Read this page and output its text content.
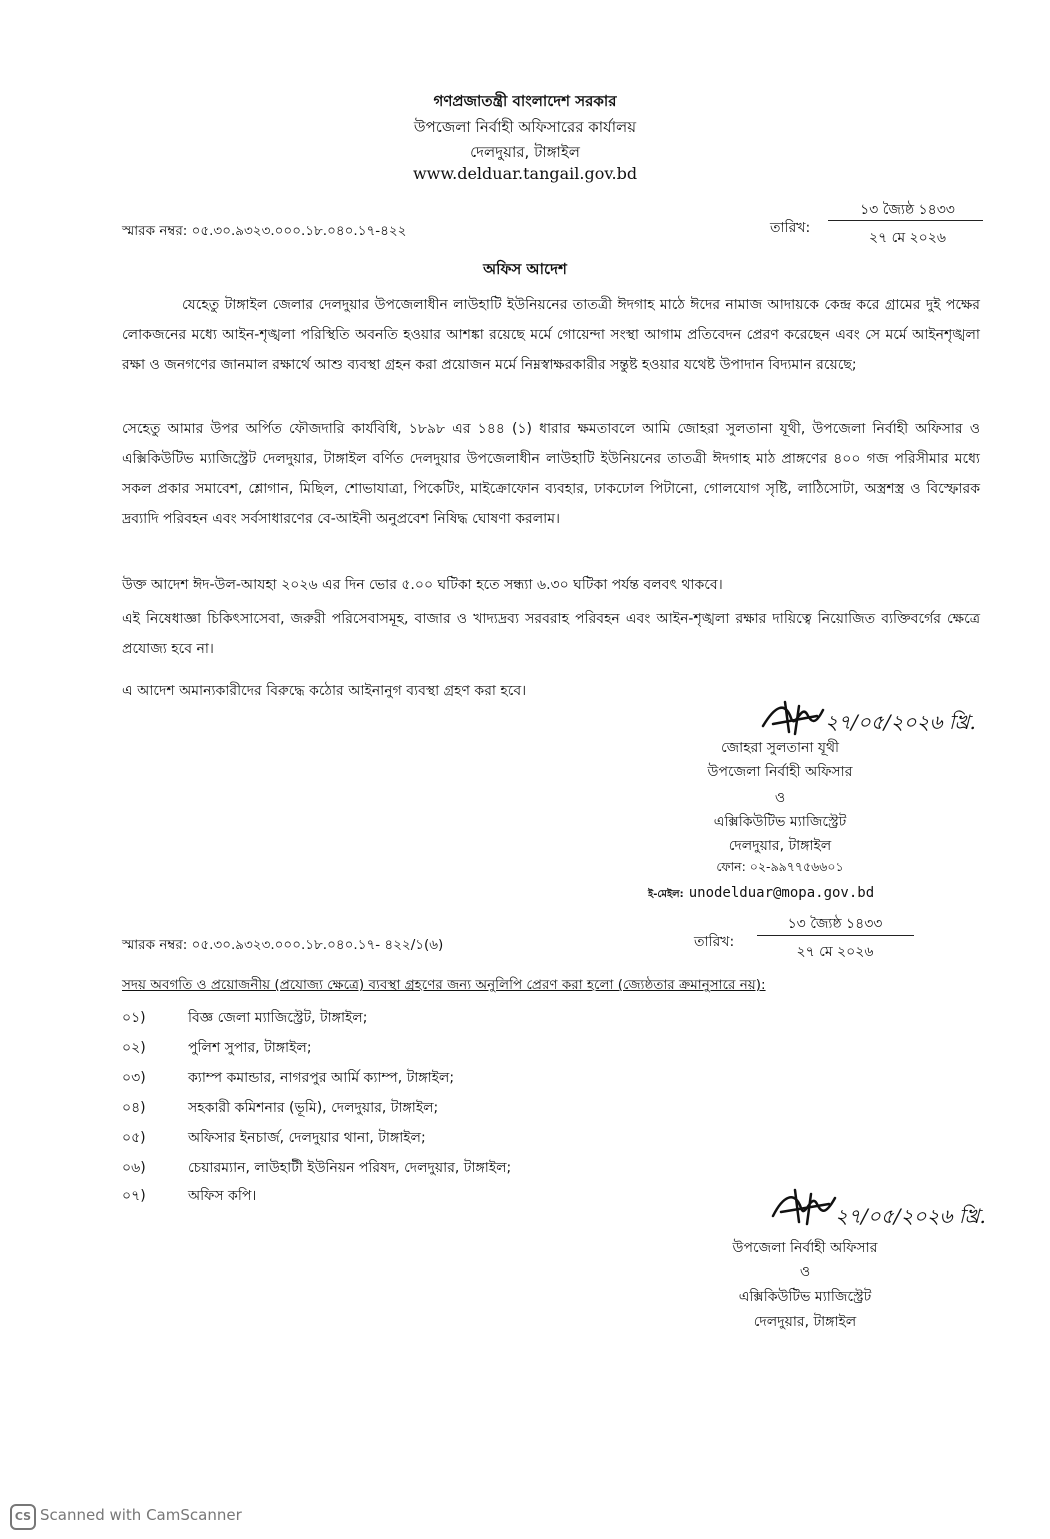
গণপ্রজাতন্ত্রী বাংলাদেশ সরকার
উপজেলা নির্বাহী অফিসারের কার্যালয়
দেলদুয়ার, টাঙ্গাইল
www.delduar.tangail.gov.bd
স্মারক নম্বর: ০৫.৩০.৯৩২৩.০০০.১৮.০৪০.১৭-৪২২	তারিখ:
১৩ জ্যৈষ্ঠ ১৪৩৩
২৭ মে ২০২৬
অফিস আদেশ
যেহেতু টাঙ্গাইল জেলার দেলদুয়ার উপজেলাধীন লাউহাটি ইউনিয়নের তাতত্রী ঈদগাহ মাঠে ঈদের নামাজ আদায়কে কেন্দ্র করে গ্রামের দুই পক্ষের লোকজনের মধ্যে আইন-শৃঙ্খলা পরিস্থিতি অবনতি হওয়ার আশঙ্কা রয়েছে মর্মে গোয়েন্দা সংস্থা আগাম প্রতিবেদন প্রেরণ করেছেন এবং সে মর্মে আইনশৃঙ্খলা রক্ষা ও জনগণের জানমাল রক্ষার্থে আশু ব্যবস্থা গ্রহন করা প্রয়োজন মর্মে নিম্নস্বাক্ষরকারীর সন্তুষ্ট হওয়ার যথেষ্ট উপাদান বিদ্যমান রয়েছে;
সেহেতু আমার উপর অর্পিত ফৌজদারি কার্যবিধি, ১৮৯৮ এর ১৪৪ (১) ধারার ক্ষমতাবলে আমি জোহরা সুলতানা যূথী, উপজেলা নির্বাহী অফিসার ও এক্সিকিউটিভ ম্যাজিস্ট্রেট দেলদুয়ার, টাঙ্গাইল বর্ণিত দেলদুয়ার উপজেলাধীন লাউহাটি ইউনিয়নের তাতত্রী ঈদগাহ মাঠ প্রাঙ্গণের ৪০০ গজ পরিসীমার মধ্যে সকল প্রকার সমাবেশ, শ্লোগান, মিছিল, শোভাযাত্রা, পিকেটিং, মাইক্রোফোন ব্যবহার, ঢাকঢোল পিটানো, গোলযোগ সৃষ্টি, লাঠিসোটা, অস্ত্রশস্ত্র ও বিস্ফোরক দ্রব্যাদি পরিবহন এবং সর্বসাধারণের বে-আইনী অনুপ্রবেশ নিষিদ্ধ ঘোষণা করলাম।
উক্ত আদেশ ঈদ-উল-আযহা ২০২৬ এর দিন ভোর ৫.০০ ঘটিকা হতে সন্ধ্যা ৬.৩০ ঘটিকা পর্যন্ত বলবৎ থাকবে।
এই নিষেধাজ্ঞা চিকিৎসাসেবা, জরুরী পরিসেবাসমূহ, বাজার ও খাদ্যদ্রব্য সরবরাহ পরিবহন এবং আইন-শৃঙ্খলা রক্ষার দায়িত্বে নিয়োজিত ব্যক্তিবর্গের ক্ষেত্রে প্রযোজ্য হবে না।
এ আদেশ অমান্যকারীদের বিরুদ্ধে কঠোর আইনানুগ ব্যবস্থা গ্রহণ করা হবে।
২৭/০৫/২০২৬ খ্রি.
জোহরা সুলতানা যূথী
উপজেলা নির্বাহী অফিসার
ও
এক্সিকিউটিভ ম্যাজিস্ট্রেট
দেলদুয়ার, টাঙ্গাইল
ফোন: ০২-৯৯৭৭৫৬৬০১
ই-মেইল: unodelduar@mopa.gov.bd
স্মারক নম্বর: ০৫.৩০.৯৩২৩.০০০.১৮.০৪০.১৭- ৪২২/১(৬)	তারিখ:
১৩ জ্যৈষ্ঠ ১৪৩৩
২৭ মে ২০২৬
সদয় অবগতি ও প্রয়োজনীয় (প্রযোজ্য ক্ষেত্রে) ব্যবস্থা গ্রহণের জন্য অনুলিপি প্রেরণ করা হলো (জ্যেষ্ঠতার ক্রমানুসারে নয়):
০১)	বিজ্ঞ জেলা ম্যাজিস্ট্রেট, টাঙ্গাইল;
০২)	পুলিশ সুপার, টাঙ্গাইল;
০৩)	ক্যাম্প কমান্ডার, নাগরপুর আর্মি ক্যাম্প, টাঙ্গাইল;
০৪)	সহকারী কমিশনার (ভূমি), দেলদুয়ার, টাঙ্গাইল;
০৫)	অফিসার ইনচার্জ, দেলদুয়ার থানা, টাঙ্গাইল;
০৬)	চেয়ারম্যান, লাউহাটী ইউনিয়ন পরিষদ, দেলদুয়ার, টাঙ্গাইল;
০৭)	অফিস কপি।
২৭/০৫/২০২৬ খ্রি.
উপজেলা নির্বাহী অফিসার
ও
এক্সিকিউটিভ ম্যাজিস্ট্রেট
দেলদুয়ার, টাঙ্গাইল
CS Scanned with CamScanner
